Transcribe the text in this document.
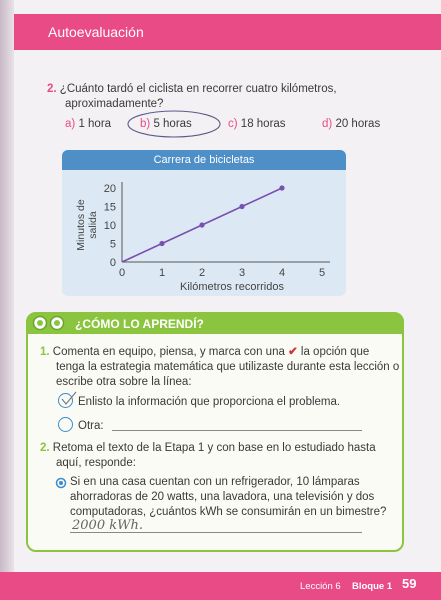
Autoevaluación
2. ¿Cuánto tardó el ciclista en recorrer cuatro kilómetros,
aproximadamente?
a) 1 hora	b) 5 horas	c) 18 horas	d) 20 horas
Carrera de bicicletas
0	1	2	3	4	5
0
5
10
15
20
Kilómetros recorridos
Minutos de salida
¿CÓMO LO APRENDÍ?
1. Comenta en equipo, piensa, y marca con una ✔ la opción que
tenga la estrategia matemática que utilizaste durante esta lección o
escribe otra sobre la línea:
Enlisto la información que proporciona el problema.
Otra:
2. Retoma el texto de la Etapa 1 y con base en lo estudiado hasta
aquí, responde:
Si en una casa cuentan con un refrigerador, 10 lámparas
ahorradoras de 20 watts, una lavadora, una televisión y dos
computadoras, ¿cuántos kWh se consumirán en un bimestre?
2000 kWh.
Lección 6 Bloque 1 59
